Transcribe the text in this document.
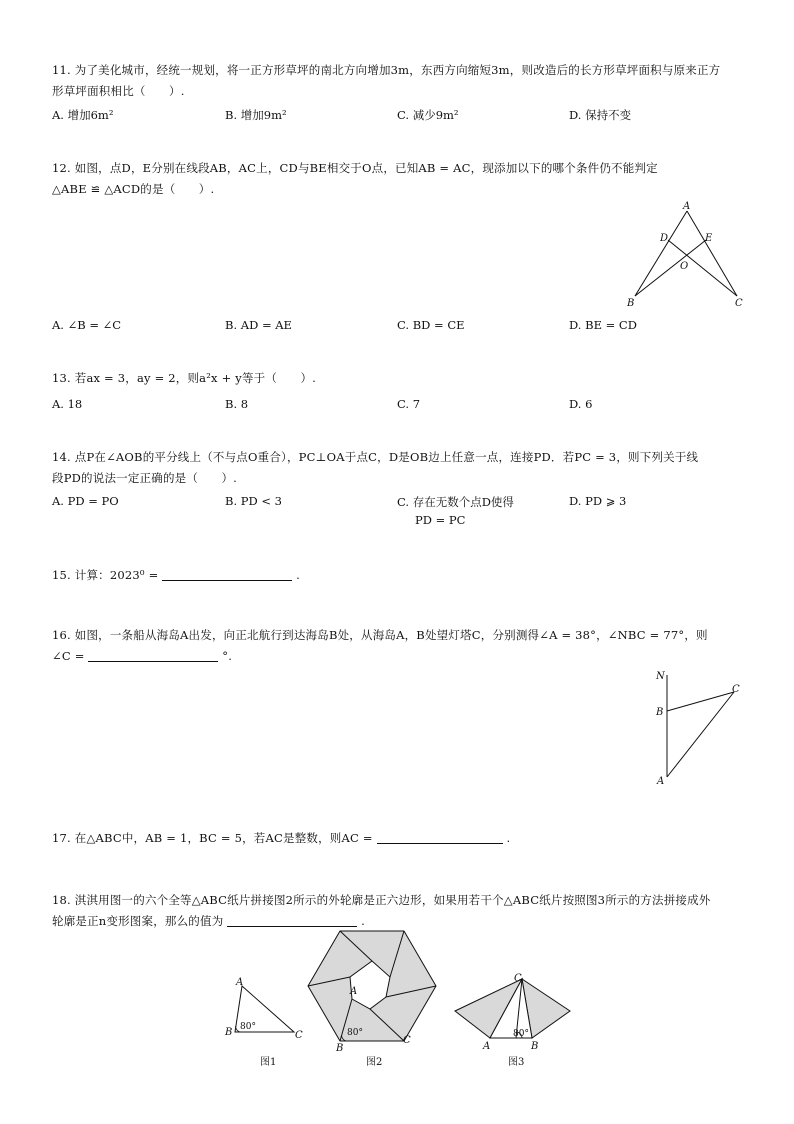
11. 为了美化城市，经统一规划，将一正方形草坪的南北方向增加3m，东西方向缩短3m，则改造后的长方形草坪面积与原来正方
形草坪面积相比（　　）.
A. 增加6m²	B. 增加9m²	C. 减少9m²	D. 保持不变
12. 如图，点D，E分别在线段AB，AC上，CD与BE相交于O点，已知AB = AC，现添加以下的哪个条件仍不能判定
△ABE ≌ △ACD的是（　　）.
A
D	E
O
B	C
A. ∠B = ∠C	B. AD = AE	C. BD = CE	D. BE = CD
13. 若ax = 3，ay = 2，则a²x + y等于（　　）.
A. 18	B. 8	C. 7	D. 6
14. 点P在∠AOB的平分线上（不与点O重合），PC⊥OA于点C，D是OB边上任意一点，连接PD．若PC = 3，则下列关于线
段PD的说法一定正确的是（　　）.
A. PD = PO	B. PD < 3	C. 存在无数个点D使得
PD = PC
D. PD ⩾ 3
15. 计算：2023⁰ =	.
16. 如图，一条船从海岛A出发，向正北航行到达海岛B处，从海岛A，B处望灯塔C，分别测得∠A = 38°，∠NBC = 77°，则
∠C =	°.
N
B
C
A
17. 在△ABC中，AB = 1，BC = 5，若AC是整数，则AC =	.
18. 淇淇用图一的六个全等△ABC纸片拼接图2所示的外轮廓是正六边形，如果用若干个△ABC纸片按照图3所示的方法拼接成外
轮廓是正n变形图案，那么的值为	.
A
B	C
80°
图1
A
B
C
80°
图2
C
A	B
80°
图3
